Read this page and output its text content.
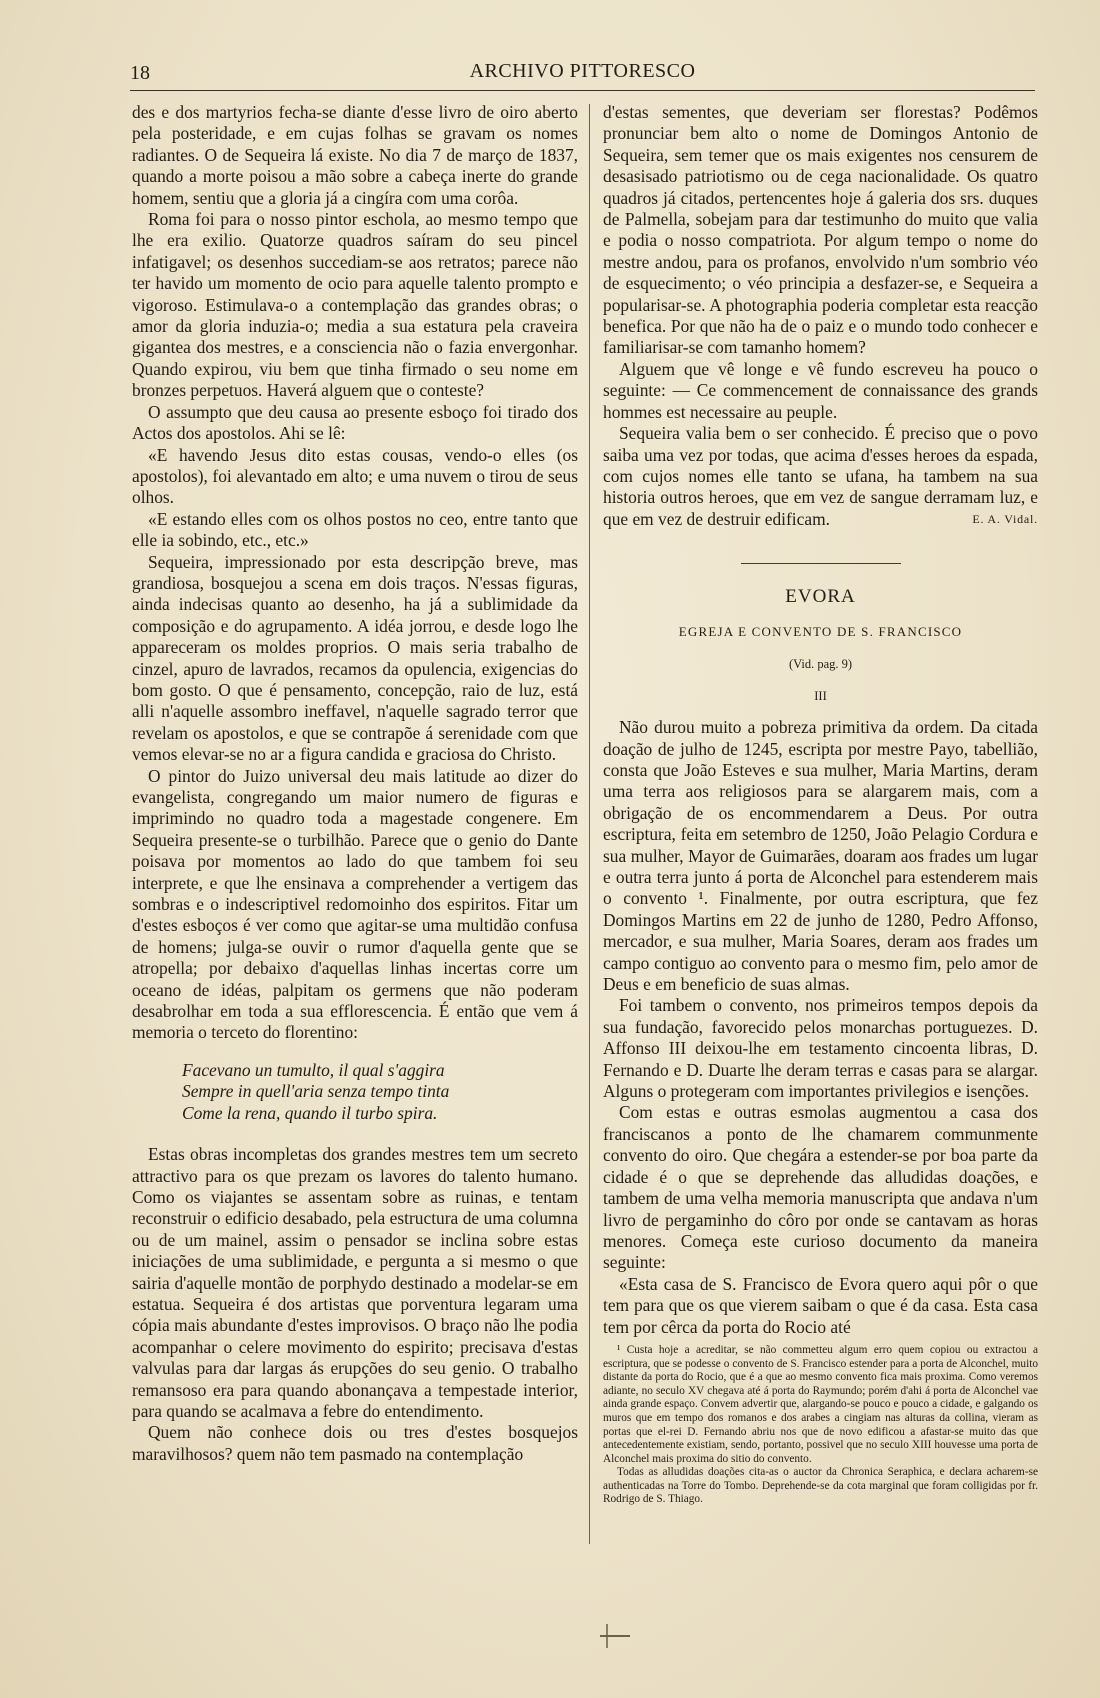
18	ARCHIVO PITTORESCO

des e dos martyrios fecha-se diante d'esse livro de oiro aberto pela posteridade, e em cujas folhas se gravam os nomes radiantes. O de Sequeira lá existe. No dia 7 de março de 1837, quando a morte poisou a mão sobre a cabeça inerte do grande homem, sentiu que a gloria já a cingíra com uma corôa.

Roma foi para o nosso pintor eschola, ao mesmo tempo que lhe era exilio. Quatorze quadros saíram do seu pincel infatigavel; os desenhos succediam-se aos retratos; parece não ter havido um momento de ocio para aquelle talento prompto e vigoroso. Estimulava-o a contemplação das grandes obras; o amor da gloria induzia-o; media a sua estatura pela craveira gigantea dos mestres, e a consciencia não o fazia envergonhar. Quando expirou, viu bem que tinha firmado o seu nome em bronzes perpetuos. Haverá alguem que o conteste?

O assumpto que deu causa ao presente esboço foi tirado dos Actos dos apostolos. Ahi se lê:

«E havendo Jesus dito estas cousas, vendo-o elles (os apostolos), foi alevantado em alto; e uma nuvem o tirou de seus olhos.

«E estando elles com os olhos postos no ceo, entre tanto que elle ia sobindo, etc., etc.»

Sequeira, impressionado por esta descripção breve, mas grandiosa, bosquejou a scena em dois traços. N'essas figuras, ainda indecisas quanto ao desenho, ha já a sublimidade da composição e do agrupamento. A idéa jorrou, e desde logo lhe appareceram os moldes proprios. O mais seria trabalho de cinzel, apuro de lavrados, recamos da opulencia, exigencias do bom gosto. O que é pensamento, concepção, raio de luz, está alli n'aquelle assombro ineffavel, n'aquelle sagrado terror que revelam os apostolos, e que se contrapõe á serenidade com que vemos elevar-se no ar a figura candida e graciosa do Christo.

O pintor do Juizo universal deu mais latitude ao dizer do evangelista, congregando um maior numero de figuras e imprimindo no quadro toda a magestade congenere. Em Sequeira presente-se o turbilhão. Parece que o genio do Dante poisava por momentos ao lado do que tambem foi seu interprete, e que lhe ensinava a comprehender a vertigem das sombras e o indescriptivel redomoinho dos espiritos. Fitar um d'estes esboços é ver como que agitar-se uma multidão confusa de homens; julga-se ouvir o rumor d'aquella gente que se atropella; por debaixo d'aquellas linhas incertas corre um oceano de idéas, palpitam os germens que não poderam desabrolhar em toda a sua efflorescencia. É então que vem á memoria o terceto do florentino:

Facevano un tumulto, il qual s'aggira
Sempre in quell'aria senza tempo tinta
Come la rena, quando il turbo spira.

Estas obras incompletas dos grandes mestres tem um secreto attractivo para os que prezam os lavores do talento humano. Como os viajantes se assentam sobre as ruinas, e tentam reconstruir o edificio desabado, pela estructura de uma columna ou de um mainel, assim o pensador se inclina sobre estas iniciações de uma sublimidade, e pergunta a si mesmo o que sairia d'aquelle montão de porphydo destinado a modelar-se em estatua. Sequeira é dos artistas que porventura legaram uma cópia mais abundante d'estes improvisos. O braço não lhe podia acompanhar o celere movimento do espirito; precisava d'estas valvulas para dar largas ás erupções do seu genio. O trabalho remansoso era para quando abonançava a tempestade interior, para quando se acalmava a febre do entendimento.

Quem não conhece dois ou tres d'estes bosquejos maravilhosos? quem não tem pasmado na contemplação

d'estas sementes, que deveriam ser florestas? Podêmos pronunciar bem alto o nome de Domingos Antonio de Sequeira, sem temer que os mais exigentes nos censurem de desasisado patriotismo ou de cega nacionalidade. Os quatro quadros já citados, pertencentes hoje á galeria dos srs. duques de Palmella, sobejam para dar testimunho do muito que valia e podia o nosso compatriota. Por algum tempo o nome do mestre andou, para os profanos, envolvido n'um sombrio véo de esquecimento; o véo principia a desfazer-se, e Sequeira a popularisar-se. A photographia poderia completar esta reacção benefica. Por que não ha de o paiz e o mundo todo conhecer e familiarisar-se com tamanho homem?

Alguem que vê longe e vê fundo escreveu ha pouco o seguinte: — Ce commencement de connaissance des grands hommes est necessaire au peuple.

Sequeira valia bem o ser conhecido. É preciso que o povo saiba uma vez por todas, que acima d'esses heroes da espada, com cujos nomes elle tanto se ufana, ha tambem na sua historia outros heroes, que em vez de sangue derramam luz, e que em vez de destruir edificam.	E. A. Vidal.
EVORA
EGREJA E CONVENTO DE S. FRANCISCO
(Vid. pag. 9)
III

Não durou muito a pobreza primitiva da ordem. Da citada doação de julho de 1245, escripta por mestre Payo, tabellião, consta que João Esteves e sua mulher, Maria Martins, deram uma terra aos religiosos para se alargarem mais, com a obrigação de os encommendarem a Deus. Por outra escriptura, feita em setembro de 1250, João Pelagio Cordura e sua mulher, Mayor de Guimarães, doaram aos frades um lugar e outra terra junto á porta de Alconchel para estenderem mais o convento ¹. Finalmente, por outra escriptura, que fez Domingos Martins em 22 de junho de 1280, Pedro Affonso, mercador, e sua mulher, Maria Soares, deram aos frades um campo contiguo ao convento para o mesmo fim, pelo amor de Deus e em beneficio de suas almas.

Foi tambem o convento, nos primeiros tempos depois da sua fundação, favorecido pelos monarchas portuguezes. D. Affonso III deixou-lhe em testamento cincoenta libras, D. Fernando e D. Duarte lhe deram terras e casas para se alargar. Alguns o protegeram com importantes privilegios e isenções.

Com estas e outras esmolas augmentou a casa dos franciscanos a ponto de lhe chamarem communmente convento do oiro. Que chegára a estender-se por boa parte da cidade é o que se deprehende das alludidas doações, e tambem de uma velha memoria manuscripta que andava n'um livro de pergaminho do côro por onde se cantavam as horas menores. Começa este curioso documento da maneira seguinte:

«Esta casa de S. Francisco de Evora quero aqui pôr o que tem para que os que vierem saibam o que é da casa. Esta casa tem por cêrca da porta do Rocio até

¹ Custa hoje a acreditar, se não commetteu algum erro quem copiou ou extractou a escriptura, que se podesse o convento de S. Francisco estender para a porta de Alconchel, muito distante da porta do Rocio, que é a que ao mesmo convento fica mais proxima. Como veremos adiante, no seculo XV chegava até á porta do Raymundo; porém d'ahi á porta de Alconchel vae ainda grande espaço. Convem advertir que, alargando-se pouco e pouco a cidade, e galgando os muros que em tempo dos romanos e dos arabes a cingiam nas alturas da collina, vieram as portas que el-rei D. Fernando abriu nos que de novo edificou a afastar-se muito das que antecedentemente existiam, sendo, portanto, possivel que no seculo XIII houvesse uma porta de Alconchel mais proxima do sitio do convento.

Todas as alludidas doações cita-as o auctor da Chronica Seraphica, e declara acharem-se authenticadas na Torre do Tombo. Deprehende-se da cota marginal que foram colligidas por fr. Rodrigo de S. Thiago.
